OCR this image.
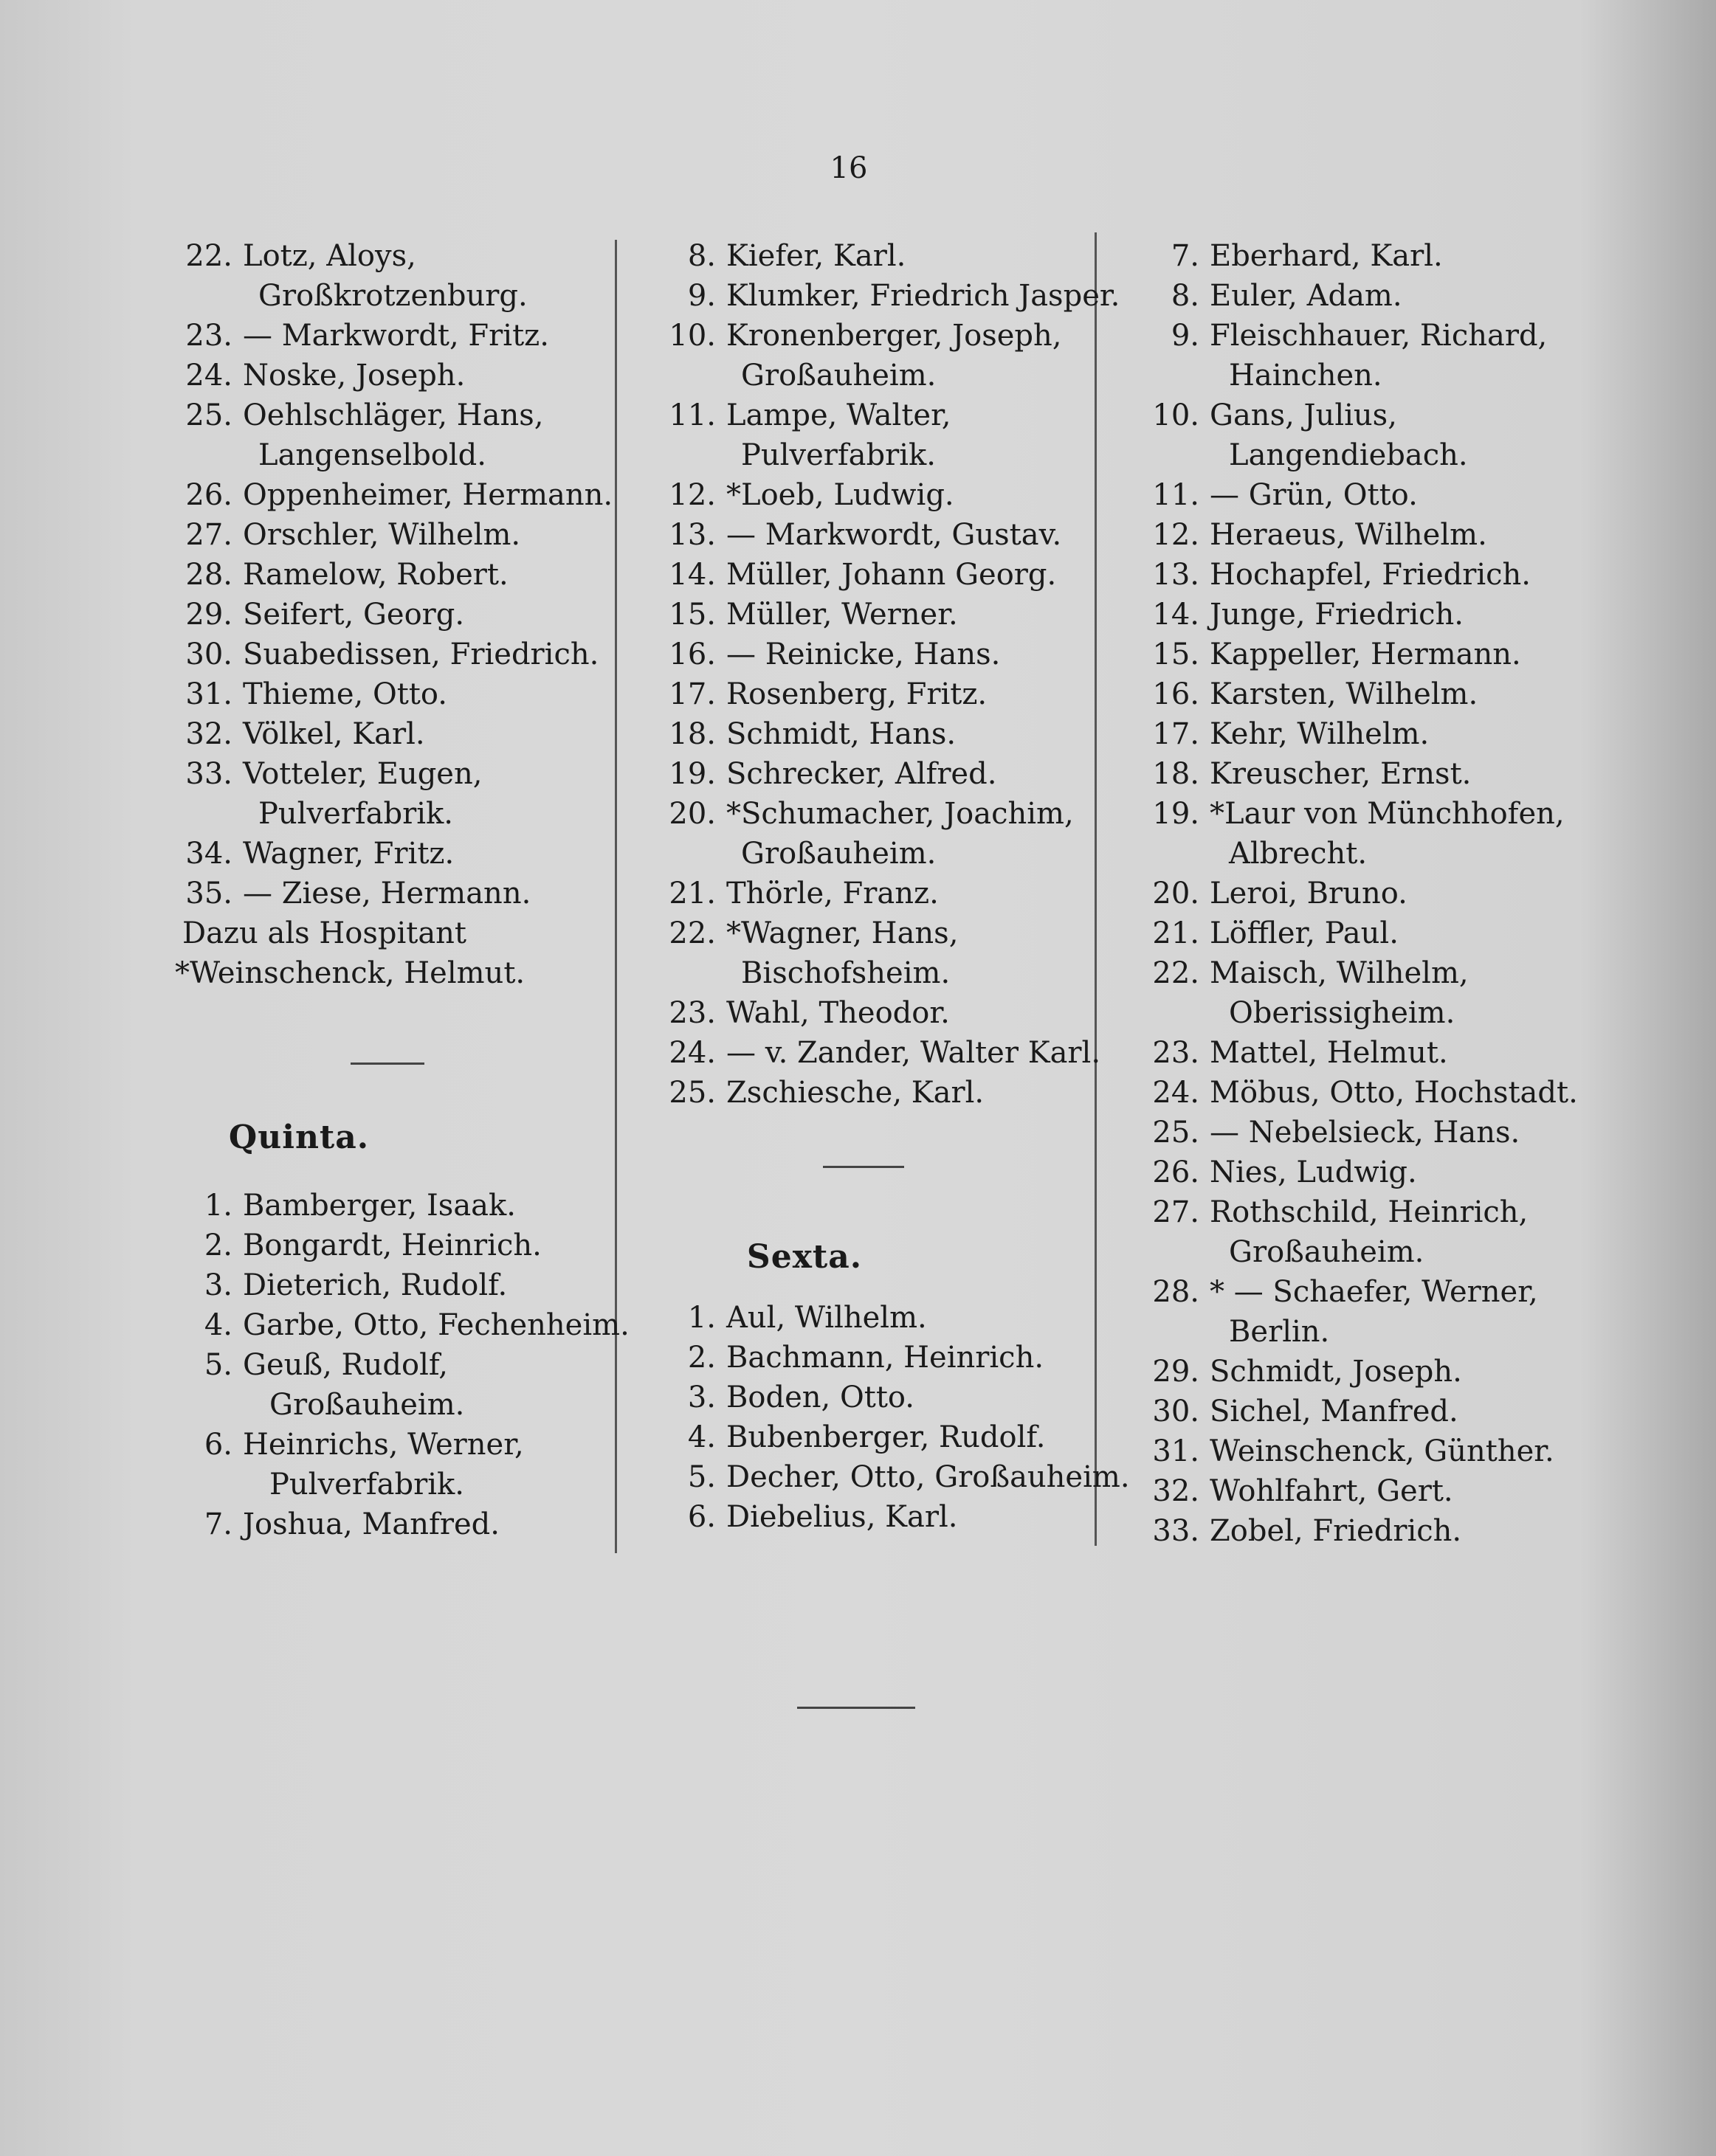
16
22. Lotz, Aloys,
Großkrotzenburg.
23. — Markwordt, Fritz.
24. Noske, Joseph.
25. Oehlschläger, Hans,
Langenselbold.
26. Oppenheimer, Hermann.
27. Orschler, Wilhelm.
28. Ramelow, Robert.
29. Seifert, Georg.
30. Suabedissen, Friedrich.
31. Thieme, Otto.
32. Völkel, Karl.
33. Votteler, Eugen,
Pulverfabrik.
34. Wagner, Fritz.
35. — Ziese, Hermann.
Dazu als Hospitant
*Weinschenck, Helmut.
Quinta.
1. Bamberger, Isaak.
2. Bongardt, Heinrich.
3. Dieterich, Rudolf.
4. Garbe, Otto, Fechenheim.
5. Geuß, Rudolf,
Großauheim.
6. Heinrichs, Werner,
Pulverfabrik.
7. Joshua, Manfred.
8. Kiefer, Karl.
9. Klumker, Friedrich Jasper.
10. Kronenberger, Joseph,
Großauheim.
11. Lampe, Walter,
Pulverfabrik.
12. *Loeb, Ludwig.
13. — Markwordt, Gustav.
14. Müller, Johann Georg.
15. Müller, Werner.
16. — Reinicke, Hans.
17. Rosenberg, Fritz.
18. Schmidt, Hans.
19. Schrecker, Alfred.
20. *Schumacher, Joachim,
Großauheim.
21. Thörle, Franz.
22. *Wagner, Hans,
Bischofsheim.
23. Wahl, Theodor.
24. — v. Zander, Walter Karl.
25. Zschiesche, Karl.
Sexta.
1. Aul, Wilhelm.
2. Bachmann, Heinrich.
3. Boden, Otto.
4. Bubenberger, Rudolf.
5. Decher, Otto, Großauheim.
6. Diebelius, Karl.
7. Eberhard, Karl.
8. Euler, Adam.
9. Fleischhauer, Richard,
Hainchen.
10. Gans, Julius,
Langendiebach.
11. — Grün, Otto.
12. Heraeus, Wilhelm.
13. Hochapfel, Friedrich.
14. Junge, Friedrich.
15. Kappeller, Hermann.
16. Karsten, Wilhelm.
17. Kehr, Wilhelm.
18. Kreuscher, Ernst.
19. *Laur von Münchhofen,
Albrecht.
20. Leroi, Bruno.
21. Löffler, Paul.
22. Maisch, Wilhelm,
Oberissigheim.
23. Mattel, Helmut.
24. Möbus, Otto, Hochstadt.
25. — Nebelsieck, Hans.
26. Nies, Ludwig.
27. Rothschild, Heinrich,
Großauheim.
28. * — Schaefer, Werner,
Berlin.
29. Schmidt, Joseph.
30. Sichel, Manfred.
31. Weinschenck, Günther.
32. Wohlfahrt, Gert.
33. Zobel, Friedrich.
